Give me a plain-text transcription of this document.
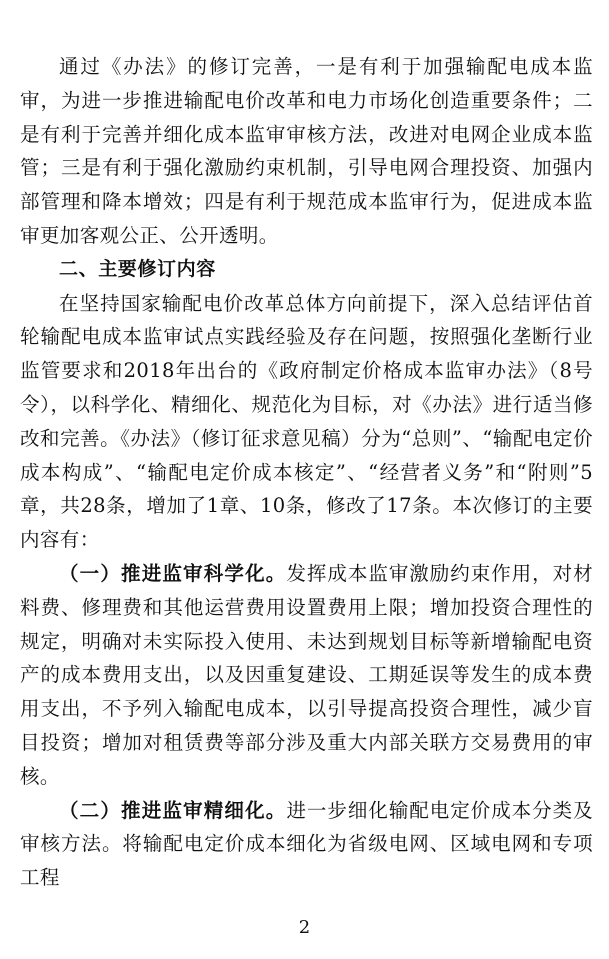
通过《办法》的修订完善，一是有利于加强输配电成本监审，为进一步推进输配电价改革和电力市场化创造重要条件；二是有利于完善并细化成本监审审核方法，改进对电网企业成本监管；三是有利于强化激励约束机制，引导电网合理投资、加强内部管理和降本增效；四是有利于规范成本监审行为，促进成本监审更加客观公正、公开透明。

二、主要修订内容

在坚持国家输配电价改革总体方向前提下，深入总结评估首轮输配电成本监审试点实践经验及存在问题，按照强化垄断行业监管要求和2018年出台的《政府制定价格成本监审办法》（8号令），以科学化、精细化、规范化为目标，对《办法》进行适当修改和完善。《办法》（修订征求意见稿）分为“总则”、“输配电定价成本构成”、“输配电定价成本核定”、“经营者义务”和“附则”5章，共28条，增加了1章、10条，修改了17条。本次修订的主要内容有：

（一）推进监审科学化。发挥成本监审激励约束作用，对材料费、修理费和其他运营费用设置费用上限；增加投资合理性的规定，明确对未实际投入使用、未达到规划目标等新增输配电资产的成本费用支出，以及因重复建设、工期延误等发生的成本费用支出，不予列入输配电成本，以引导提高投资合理性，减少盲目投资；增加对租赁费等部分涉及重大内部关联方交易费用的审核。

（二）推进监审精细化。进一步细化输配电定价成本分类及审核方法。将输配电定价成本细化为省级电网、区域电网和专项工程

2
